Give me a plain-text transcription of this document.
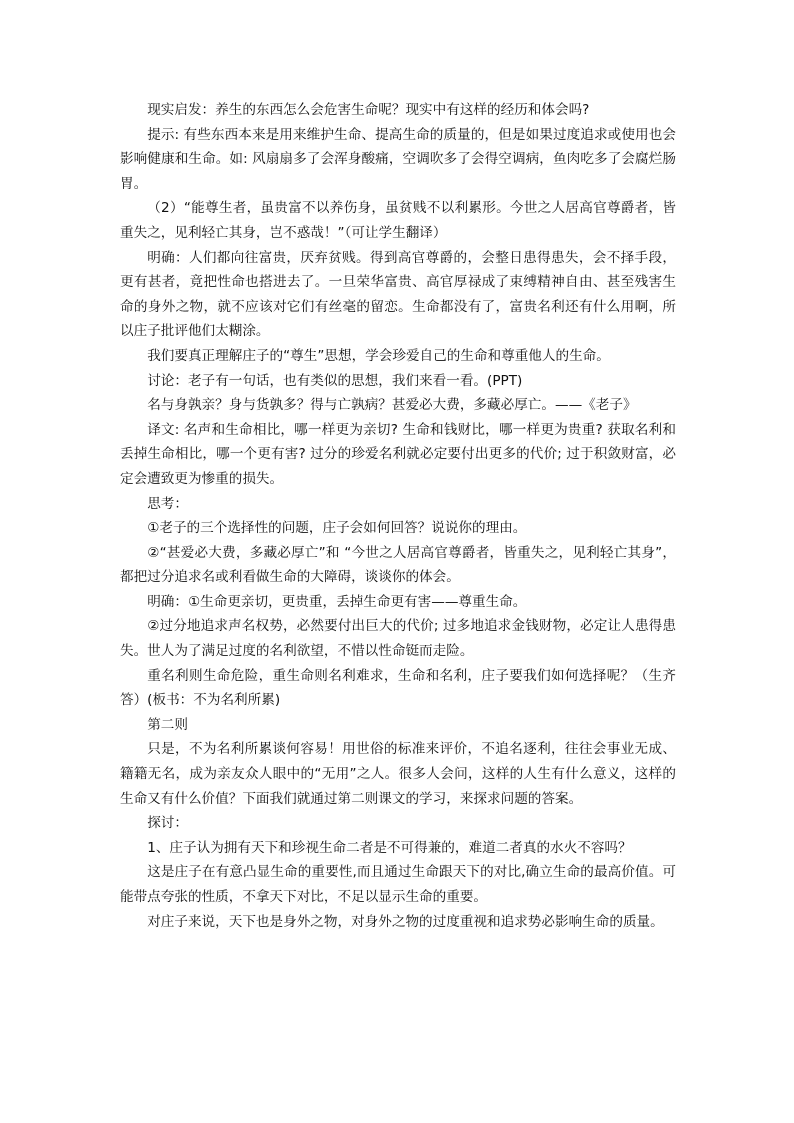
现实启发：养生的东西怎么会危害生命呢？现实中有这样的经历和体会吗?

提示: 有些东西本来是用来维护生命、提高生命的质量的，但是如果过度追求或使用也会影响健康和生命。如: 风扇扇多了会浑身酸痛，空调吹多了会得空调病，鱼肉吃多了会腐烂肠胃。

（2）“能尊生者，虽贵富不以养伤身，虽贫贱不以利累形。今世之人居高官尊爵者，皆重失之，见利轻亡其身，岂不惑哉！”（可让学生翻译）

明确：人们都向往富贵，厌弃贫贱。得到高官尊爵的，会整日患得患失，会不择手段，更有甚者，竟把性命也搭进去了。一旦荣华富贵、高官厚禄成了束缚精神自由、甚至残害生命的身外之物，就不应该对它们有丝毫的留恋。生命都没有了，富贵名利还有什么用啊，所以庄子批评他们太糊涂。

我们要真正理解庄子的“尊生”思想，学会珍爱自己的生命和尊重他人的生命。

讨论：老子有一句话，也有类似的思想，我们来看一看。(PPT)

名与身孰亲？身与货孰多？得与亡孰病？甚爱必大费，多藏必厚亡。——《老子》

译文: 名声和生命相比，哪一样更为亲切? 生命和钱财比，哪一样更为贵重? 获取名利和丢掉生命相比，哪一个更有害? 过分的珍爱名利就必定要付出更多的代价; 过于积敛财富，必定会遭致更为惨重的损失。

思考：

①老子的三个选择性的问题，庄子会如何回答？说说你的理由。

②“甚爱必大费，多藏必厚亡”和 “今世之人居高官尊爵者，皆重失之，见利轻亡其身”，都把过分追求名或利看做生命的大障碍，谈谈你的体会。

明确：①生命更亲切，更贵重，丢掉生命更有害——尊重生命。

②过分地追求声名权势，必然要付出巨大的代价; 过多地追求金钱财物，必定让人患得患失。世人为了满足过度的名利欲望，不惜以性命铤而走险。

重名利则生命危险，重生命则名利难求，生命和名利，庄子要我们如何选择呢？（生齐答）(板书：不为名利所累)

第二则

只是，不为名利所累谈何容易！用世俗的标准来评价，不追名逐利，往往会事业无成、籍籍无名，成为亲友众人眼中的“无用”之人。很多人会问，这样的人生有什么意义，这样的生命又有什么价值？下面我们就通过第二则课文的学习，来探求问题的答案。

探讨：

1、庄子认为拥有天下和珍视生命二者是不可得兼的，难道二者真的水火不容吗？

这是庄子在有意凸显生命的重要性,而且通过生命跟天下的对比,确立生命的最高价值。可能带点夸张的性质，不拿天下对比，不足以显示生命的重要。

对庄子来说，天下也是身外之物，对身外之物的过度重视和追求势必影响生命的质量。
